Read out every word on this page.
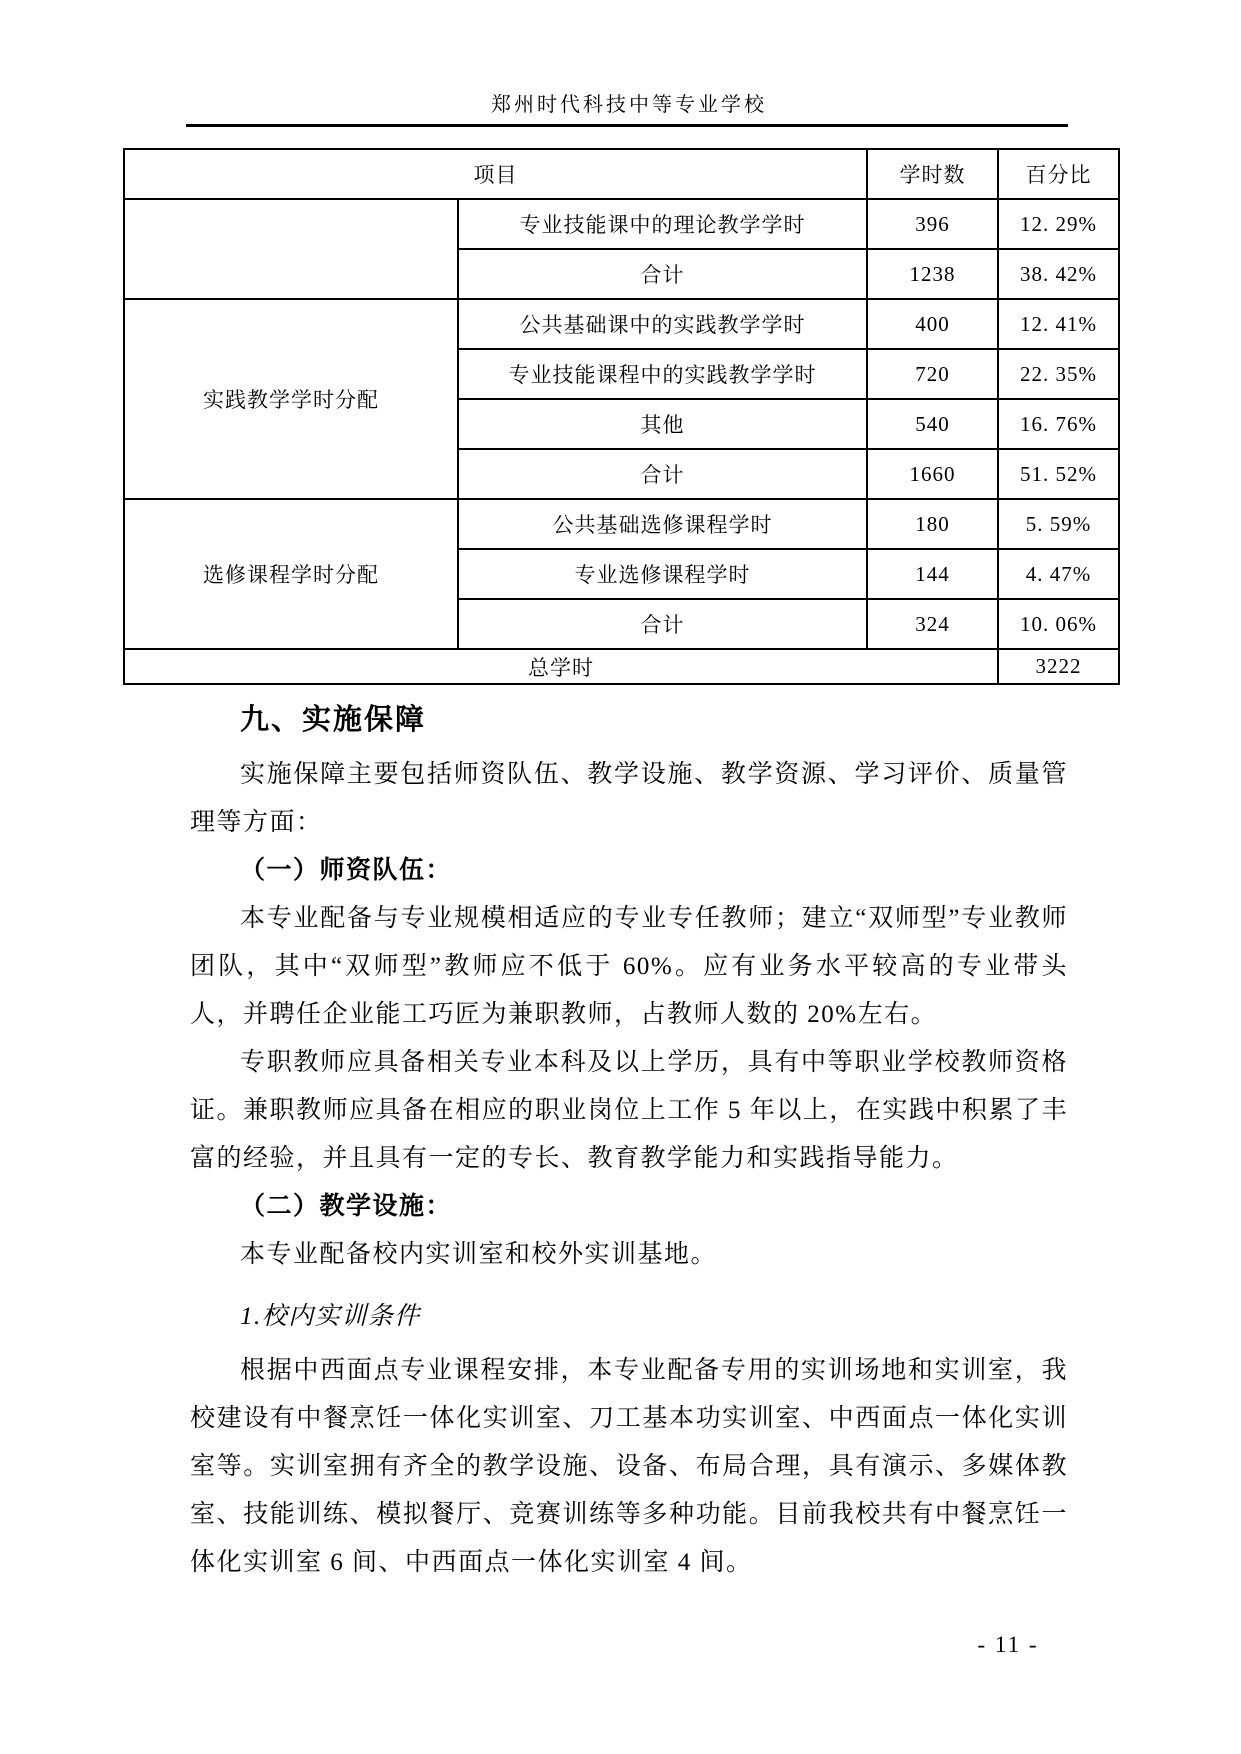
郑州时代科技中等专业学校
项目		学时数	百分比
	专业技能课中的理论教学学时	396	12. 29%
	合计	1238	38. 42%
实践教学学时分配	公共基础课中的实践教学学时	400	12. 41%
	专业技能课程中的实践教学学时	720	22. 35%
	其他	540	16. 76%
	合计	1660	51. 52%
选修课程学时分配	公共基础选修课程学时	180	5. 59%
	专业选修课程学时	144	4. 47%
	合计	324	10. 06%
总学时			3222
九、实施保障

实施保障主要包括师资队伍、教学设施、教学资源、学习评价、质量管理等方面：

（一）师资队伍：

本专业配备与专业规模相适应的专业专任教师；建立“双师型”专业教师团队，其中“双师型”教师应不低于 60%。应有业务水平较高的专业带头人，并聘任企业能工巧匠为兼职教师，占教师人数的 20%左右。

专职教师应具备相关专业本科及以上学历，具有中等职业学校教师资格证。兼职教师应具备在相应的职业岗位上工作 5 年以上，在实践中积累了丰富的经验，并且具有一定的专长、教育教学能力和实践指导能力。

（二）教学设施：

本专业配备校内实训室和校外实训基地。

1.校内实训条件

根据中西面点专业课程安排，本专业配备专用的实训场地和实训室，我校建设有中餐烹饪一体化实训室、刀工基本功实训室、中西面点一体化实训室等。实训室拥有齐全的教学设施、设备、布局合理，具有演示、多媒体教室、技能训练、模拟餐厅、竞赛训练等多种功能。目前我校共有中餐烹饪一体化实训室 6 间、中西面点一体化实训室 4 间。

- 11 -
